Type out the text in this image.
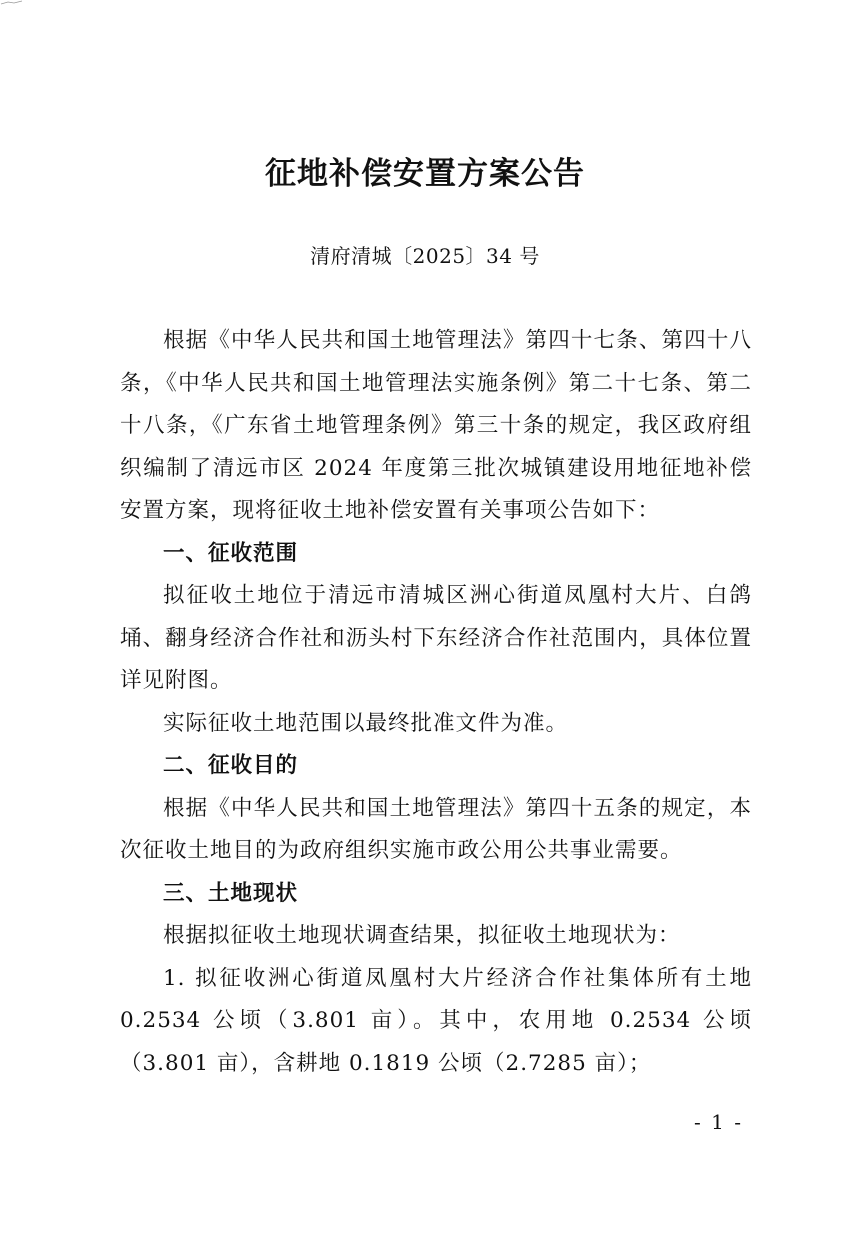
征地补偿安置方案公告
清府清城〔2025〕34 号

根据《中华人民共和国土地管理法》第四十七条、第四十八条，《中华人民共和国土地管理法实施条例》第二十七条、第二十八条，《广东省土地管理条例》第三十条的规定，我区政府组织编制了清远市区 2024 年度第三批次城镇建设用地征地补偿安置方案，现将征收土地补偿安置有关事项公告如下：

一、征收范围

拟征收土地位于清远市清城区洲心街道凤凰村大片、白鸽埇、翻身经济合作社和沥头村下东经济合作社范围内，具体位置详见附图。

实际征收土地范围以最终批准文件为准。

二、征收目的

根据《中华人民共和国土地管理法》第四十五条的规定，本次征收土地目的为政府组织实施市政公用公共事业需要。

三、土地现状

根据拟征收土地现状调查结果，拟征收土地现状为：

1. 拟征收洲心街道凤凰村大片经济合作社集体所有土地 0.2534 公顷（3.801 亩）。其中，农用地 0.2534 公顷（3.801 亩），含耕地 0.1819 公顷（2.7285 亩）；

- 1 -
